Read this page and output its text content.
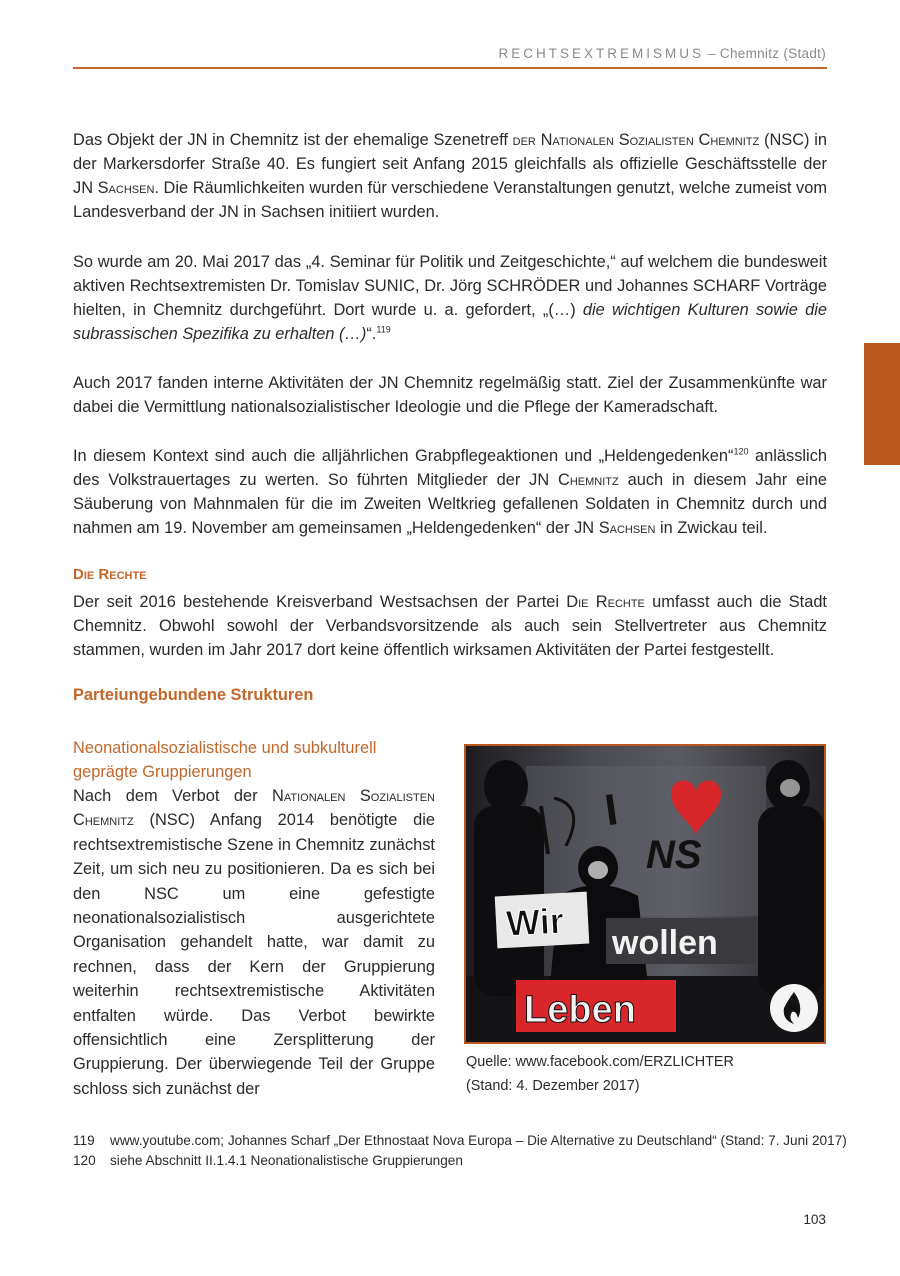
RECHTSEXTREMISMUS – Chemnitz (Stadt)

Das Objekt der JN in Chemnitz ist der ehemalige Szenetreff der Nationalen Sozialisten Chemnitz (NSC) in der Markersdorfer Straße 40. Es fungiert seit Anfang 2015 gleichfalls als offizielle Geschäftsstelle der JN Sachsen. Die Räumlichkeiten wurden für verschiedene Veranstaltungen genutzt, welche zumeist vom Landesverband der JN in Sachsen initiiert wurden.

So wurde am 20. Mai 2017 das „4. Seminar für Politik und Zeitgeschichte,“ auf welchem die bundesweit aktiven Rechtsextremisten Dr. Tomislav SUNIC, Dr. Jörg SCHRÖDER und Johannes SCHARF Vorträge hielten, in Chemnitz durchgeführt. Dort wurde u. a. gefordert, „(…) die wichtigen Kulturen sowie die subrassischen Spezifika zu erhalten (…)“.$^{119}$

Auch 2017 fanden interne Aktivitäten der JN Chemnitz regelmäßig statt. Ziel der Zusammenkünfte war dabei die Vermittlung nationalsozialistischer Ideologie und die Pflege der Kameradschaft.

In diesem Kontext sind auch die alljährlichen Grabpflegeaktionen und „Heldengedenken“$^{120}$ anlässlich des Volkstrauertages zu werten. So führten Mitglieder der JN Chemnitz auch in diesem Jahr eine Säuberung von Mahnmalen für die im Zweiten Weltkrieg gefallenen Soldaten in Chemnitz durch und nahmen am 19. November am gemeinsamen „Heldengedenken“ der JN Sachsen in Zwickau teil.

Die Rechte

Der seit 2016 bestehende Kreisverband Westsachsen der Partei Die Rechte umfasst auch die Stadt Chemnitz. Obwohl sowohl der Verbandsvorsitzende als auch sein Stellvertreter aus Chemnitz stammen, wurden im Jahr 2017 dort keine öffentlich wirksamen Aktivitäten der Partei festgestellt.

Parteiungebundene Strukturen
Neonationalsozialistische und subkulturell geprägte Gruppierungen

Nach dem Verbot der Nationalen Sozialisten Chemnitz (NSC) Anfang 2014 benötigte die rechtsextremistische Szene in Chemnitz zunächst Zeit, um sich neu zu positionieren. Da es sich bei den NSC um eine gefestigte neonationalsozialistisch ausgerichtete Organisation gehandelt hatte, war damit zu rechnen, dass der Kern der Gruppierung weiterhin rechtsextremistische Aktivitäten entfalten würde. Das Verbot bewirkte offensichtlich eine Zersplitterung der Gruppierung. Der überwiegende Teil der Gruppe schloss sich zunächst der

I
NS
Wir wollen
Leben

Quelle: www.facebook.com/ERZLICHTER
(Stand: 4. Dezember 2017)

119 www.youtube.com; Johannes Scharf „Der Ethnostaat Nova Europa – Die Alternative zu Deutschland“ (Stand: 7. Juni 2017)

120 siehe Abschnitt II.1.4.1 Neonationalistische Gruppierungen

103
